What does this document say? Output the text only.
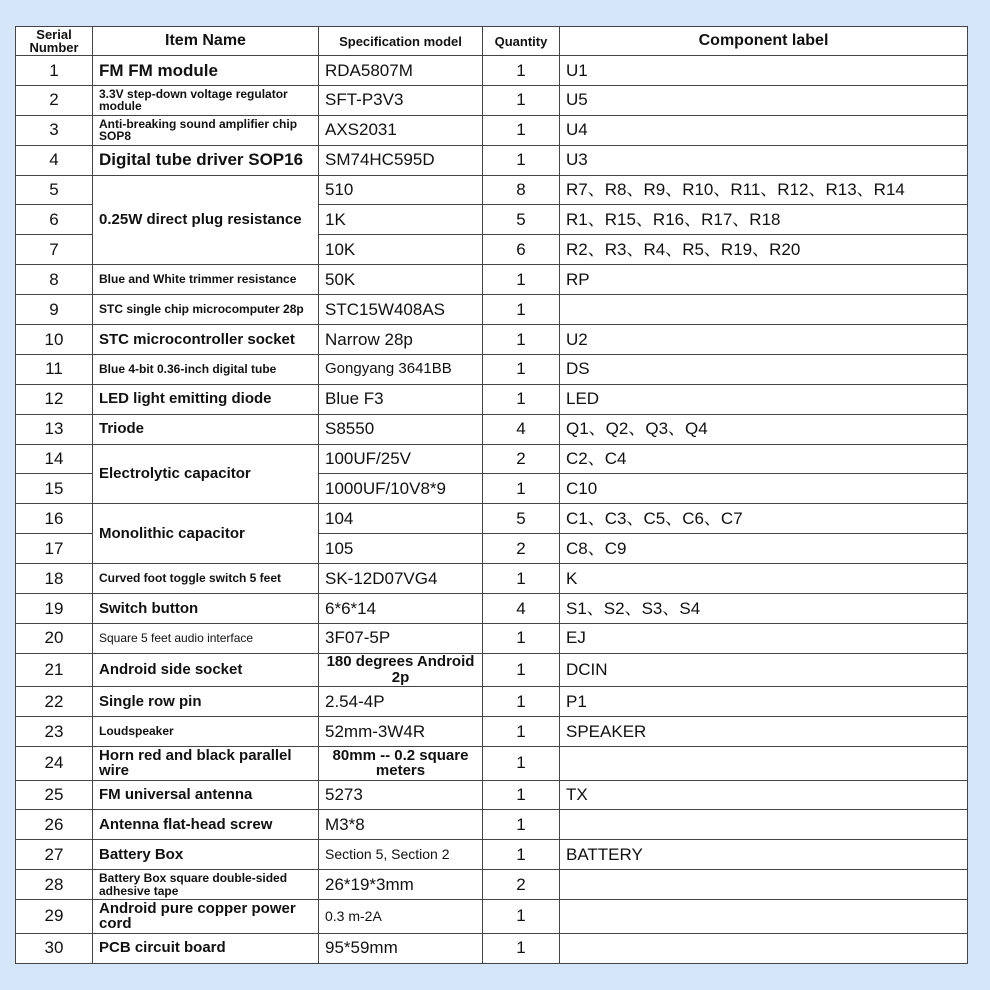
Serial Number	Item Name	Specification model	Quantity	Component label
1	FM FM module	RDA5807M	1	U1
2	3.3V step-down voltage regulator module	SFT-P3V3	1	U5
3	Anti-breaking sound amplifier chip SOP8	AXS2031	1	U4
4	Digital tube driver SOP16	SM74HC595D	1	U3
5	0.25W direct plug resistance	510	8	R7、R8、R9、R10、R11、R12、R13、R14
6		1K	5	R1、R15、R16、R17、R18
7		10K	6	R2、R3、R4、R5、R19、R20
8	Blue and White trimmer resistance	50K	1	RP
9	STC single chip microcomputer 28p	STC15W408AS	1	
10	STC microcontroller socket	Narrow 28p	1	U2
11	Blue 4-bit 0.36-inch digital tube	Gongyang 3641BB	1	DS
12	LED light emitting diode	Blue F3	1	LED
13	Triode	S8550	4	Q1、Q2、Q3、Q4
14	Electrolytic capacitor	100UF/25V	2	C2、C4
15		1000UF/10V8*9	1	C10
16	Monolithic capacitor	104	5	C1、C3、C5、C6、C7
17		105	2	C8、C9
18	Curved foot toggle switch 5 feet	SK-12D07VG4	1	K
19	Switch button	6*6*14	4	S1、S2、S3、S4
20	Square 5 feet audio interface	3F07-5P	1	EJ
21	Android side socket	180 degrees Android 2p	1	DCIN
22	Single row pin	2.54-4P	1	P1
23	Loudspeaker	52mm-3W4R	1	SPEAKER
24	Horn red and black parallel wire	80mm -- 0.2 square meters	1	
25	FM universal antenna	5273	1	TX
26	Antenna flat-head screw	M3*8	1	
27	Battery Box	Section 5, Section 2	1	BATTERY
28	Battery Box square double-sided adhesive tape	26*19*3mm	2	
29	Android pure copper power cord	0.3 m-2A	1	
30	PCB circuit board	95*59mm	1	
